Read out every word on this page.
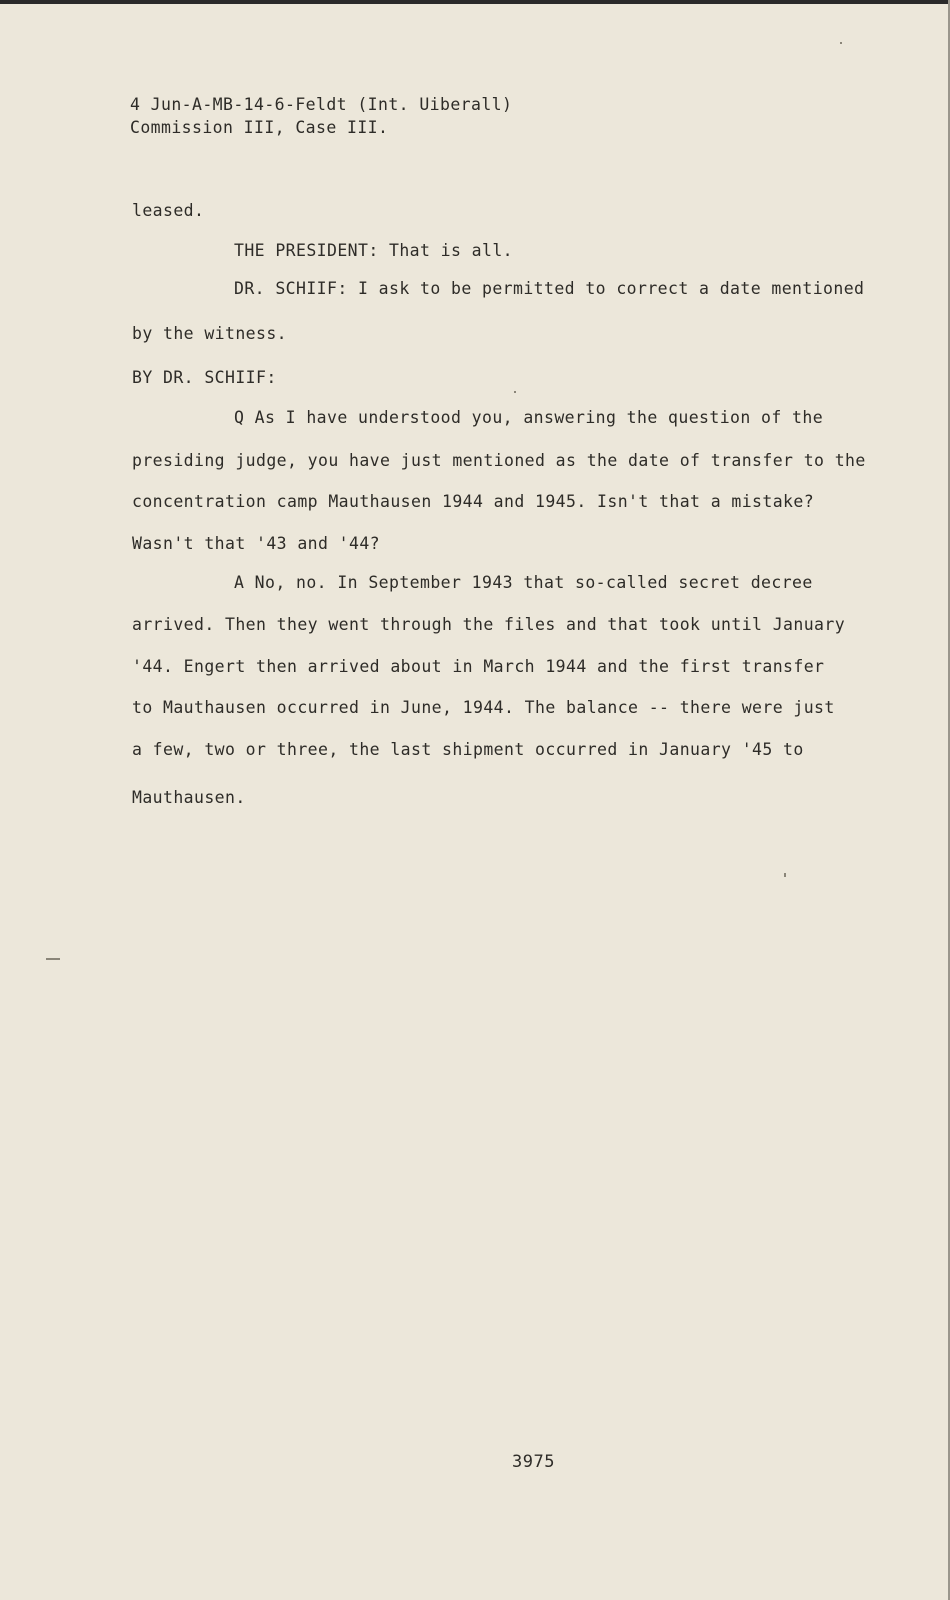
4 Jun-A-MB-14-6-Feldt (Int. Uiberall)
Commission III, Case III.
leased.
THE PRESIDENT: That is all.
DR. SCHIIF: I ask to be permitted to correct a date mentioned
by the witness.
BY DR. SCHIIF:
Q As I have understood you, answering the question of the
presiding judge, you have just mentioned as the date of transfer to the
concentration camp Mauthausen 1944 and 1945. Isn't that a mistake?
Wasn't that '43 and '44?
A No, no. In September 1943 that so-called secret decree
arrived. Then they went through the files and that took until January
'44. Engert then arrived about in March 1944 and the first transfer
to Mauthausen occurred in June, 1944. The balance -- there were just
a few, two or three, the last shipment occurred in January '45 to
Mauthausen.
3975
